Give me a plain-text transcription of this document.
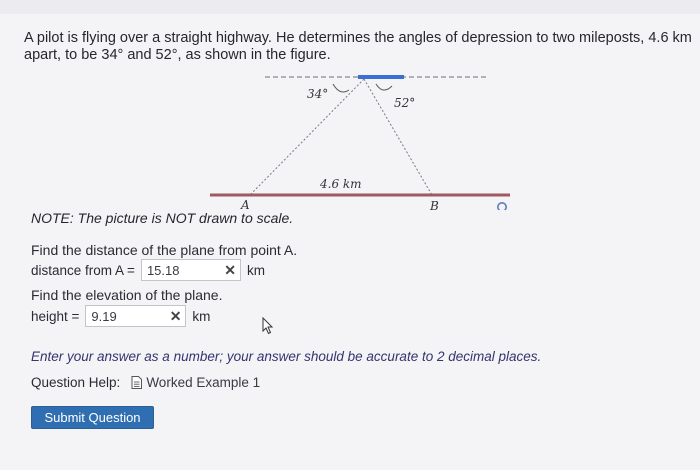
A pilot is flying over a straight highway. He determines the angles of depression to two mileposts, 4.6 km apart, to be 34° and 52°, as shown in the figure.
34°
52°
4.6 km
A	B
NOTE: The picture is NOT drawn to scale.
Find the distance of the plane from point A.
distance from A = 15.18	✕ km
Find the elevation of the plane.
height = 9.19	✕ km
Enter your answer as a number; your answer should be accurate to 2 decimal places.
Question Help: Worked Example 1
Submit Question
